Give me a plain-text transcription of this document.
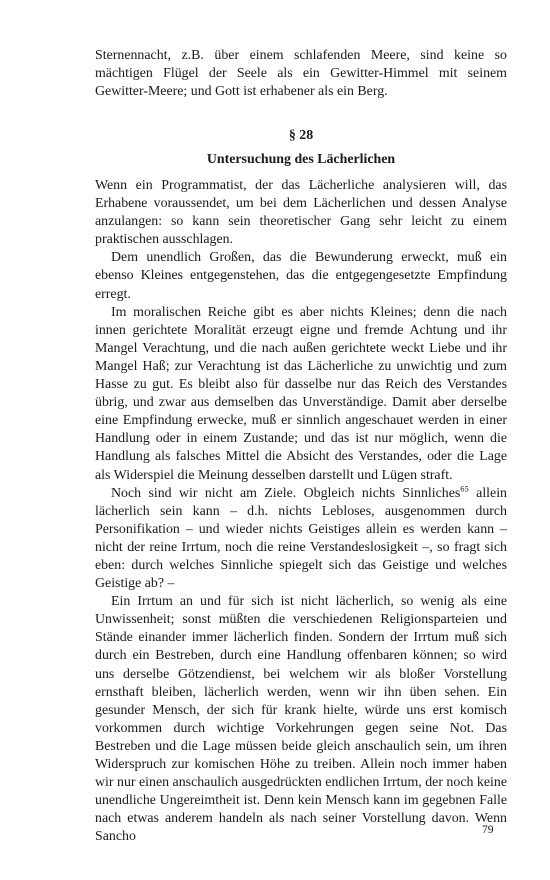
Sternennacht, z.B. über einem schlafenden Meere, sind keine so mächtigen Flügel der Seele als ein Gewitter-Himmel mit seinem Gewitter-Meere; und Gott ist erhabener als ein Berg.

§ 28

Untersuchung des Lächerlichen

Wenn ein Programmatist, der das Lächerliche analysieren will, das Erhabene voraussendet, um bei dem Lächerlichen und dessen Analyse anzulangen: so kann sein theoretischer Gang sehr leicht zu einem praktischen ausschlagen.

Dem unendlich Großen, das die Bewunderung erweckt, muß ein ebenso Kleines entgegenstehen, das die entgegengesetzte Empfindung erregt.

Im moralischen Reiche gibt es aber nichts Kleines; denn die nach innen gerichtete Moralität erzeugt eigne und fremde Achtung und ihr Mangel Verachtung, und die nach außen gerichtete weckt Liebe und ihr Mangel Haß; zur Verachtung ist das Lächerliche zu unwichtig und zum Hasse zu gut. Es bleibt also für dasselbe nur das Reich des Verstandes übrig, und zwar aus demselben das Unverständige. Damit aber derselbe eine Empfindung erwecke, muß er sinnlich angeschauet werden in einer Handlung oder in einem Zustande; und das ist nur möglich, wenn die Handlung als falsches Mittel die Absicht des Verstandes, oder die Lage als Widerspiel die Meinung desselben darstellt und Lügen straft.

Noch sind wir nicht am Ziele. Obgleich nichts Sinnliches$^{65}$ allein lächerlich sein kann – d.h. nichts Lebloses, ausgenommen durch Personifikation – und wieder nichts Geistiges allein es werden kann – nicht der reine Irrtum, noch die reine Verstandeslosigkeit –, so fragt sich eben: durch welches Sinnliche spiegelt sich das Geistige und welches Geistige ab? –

Ein Irrtum an und für sich ist nicht lächerlich, so wenig als eine Unwissenheit; sonst müßten die verschiedenen Religionsparteien und Stände einander immer lächerlich finden. Sondern der Irrtum muß sich durch ein Bestreben, durch eine Handlung offenbaren können; so wird uns derselbe Götzendienst, bei welchem wir als bloßer Vorstellung ernsthaft bleiben, lächerlich werden, wenn wir ihn üben sehen. Ein gesunder Mensch, der sich für krank hielte, würde uns erst komisch vorkommen durch wichtige Vorkehrungen gegen seine Not. Das Bestreben und die Lage müssen beide gleich anschaulich sein, um ihren Widerspruch zur komischen Höhe zu treiben. Allein noch immer haben wir nur einen anschaulich ausgedrückten endlichen Irrtum, der noch keine unendliche Ungereimtheit ist. Denn kein Mensch kann im gegebnen Falle nach etwas anderem handeln als nach seiner Vorstellung davon. Wenn Sancho	79
